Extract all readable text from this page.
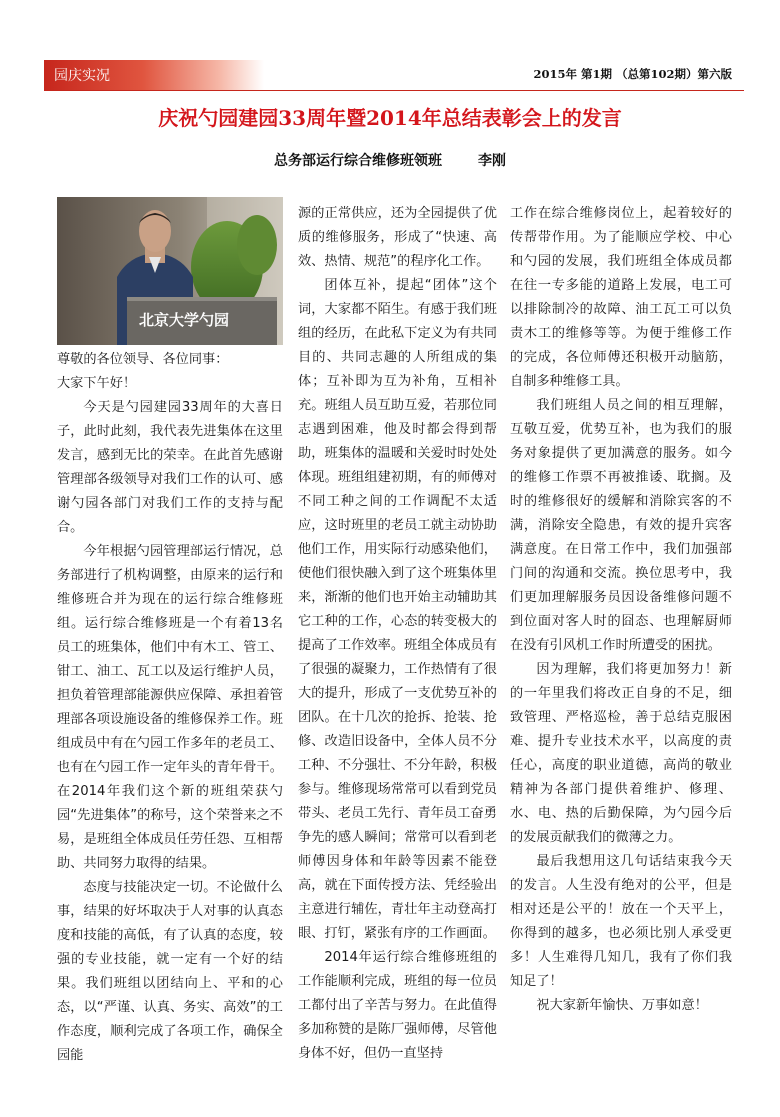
园庆实况	2015年 第1期 （总第102期）第六版
庆祝勺园建园33周年暨2014年总结表彰会上的发言
总务部运行综合维修班领班	李刚
北京大学勺园

尊敬的各位领导、各位同事：

大家下午好！

今天是勺园建园33周年的大喜日子，此时此刻，我代表先进集体在这里发言，感到无比的荣幸。在此首先感谢管理部各级领导对我们工作的认可、感谢勺园各部门对我们工作的支持与配合。

今年根据勺园管理部运行情况，总务部进行了机构调整，由原来的运行和维修班合并为现在的运行综合维修班组。运行综合维修班是一个有着13名员工的班集体，他们中有木工、管工、钳工、油工、瓦工以及运行维护人员，担负着管理部能源供应保障、承担着管理部各项设施设备的维修保养工作。班组成员中有在勺园工作多年的老员工、也有在勺园工作一定年头的青年骨干。在2014年我们这个新的班组荣获勺园“先进集体”的称号，这个荣誉来之不易，是班组全体成员任劳任怨、互相帮助、共同努力取得的结果。

态度与技能决定一切。不论做什么事，结果的好坏取决于人对事的认真态度和技能的高低，有了认真的态度，较强的专业技能，就一定有一个好的结果。我们班组以团结向上、平和的心态，以“严谨、认真、务实、高效”的工作态度，顺利完成了各项工作，确保全园能

源的正常供应，还为全园提供了优质的维修服务，形成了“快速、高效、热情、规范”的程序化工作。

团体互补，提起“团体”这个词，大家都不陌生。有感于我们班组的经历，在此私下定义为有共同目的、共同志趣的人所组成的集体；互补即为互为补角，互相补充。班组人员互助互爱，若那位同志遇到困难，他及时都会得到帮助，班集体的温暖和关爱时时处处体现。班组组建初期，有的师傅对不同工种之间的工作调配不太适应，这时班里的老员工就主动协助他们工作，用实际行动感染他们，使他们很快融入到了这个班集体里来，渐渐的他们也开始主动辅助其它工种的工作，心态的转变极大的提高了工作效率。班组全体成员有了很强的凝聚力，工作热情有了很大的提升，形成了一支优势互补的团队。在十几次的抢拆、抢装、抢修、改造旧设备中，全体人员不分工种、不分强壮、不分年龄，积极参与。维修现场常常可以看到党员带头、老员工先行、青年员工奋勇争先的感人瞬间；常常可以看到老师傅因身体和年龄等因素不能登高，就在下面传授方法、凭经验出主意进行辅佐，青壮年主动登高打眼、打钉，紧张有序的工作画面。

2014年运行综合维修班组的工作能顺利完成，班组的每一位员工都付出了辛苦与努力。在此值得多加称赞的是陈厂强师傅，尽管他身体不好，但仍一直坚持

工作在综合维修岗位上，起着较好的传帮带作用。为了能顺应学校、中心和勺园的发展，我们班组全体成员都在往一专多能的道路上发展，电工可以排除制冷的故障、油工瓦工可以负责木工的维修等等。为便于维修工作的完成，各位师傅还积极开动脑筋，自制多种维修工具。

我们班组人员之间的相互理解，互敬互爱，优势互补，也为我们的服务对象提供了更加满意的服务。如今的维修工作票不再被推诿、耽搁。及时的维修很好的缓解和消除宾客的不满，消除安全隐患，有效的提升宾客满意度。在日常工作中，我们加强部门间的沟通和交流。换位思考中，我们更加理解服务员因设备维修问题不到位面对客人时的囧态、也理解厨师在没有引风机工作时所遭受的困扰。

因为理解，我们将更加努力！新的一年里我们将改正自身的不足，细致管理、严格巡检，善于总结克服困难、提升专业技术水平，以高度的责任心，高度的职业道德，高尚的敬业精神为各部门提供着维护、修理、水、电、热的后勤保障，为勺园今后的发展贡献我们的微薄之力。

最后我想用这几句话结束我今天的发言。人生没有绝对的公平，但是相对还是公平的！放在一个天平上，你得到的越多，也必须比别人承受更多！人生难得几知几，我有了你们我知足了！

祝大家新年愉快、万事如意！
